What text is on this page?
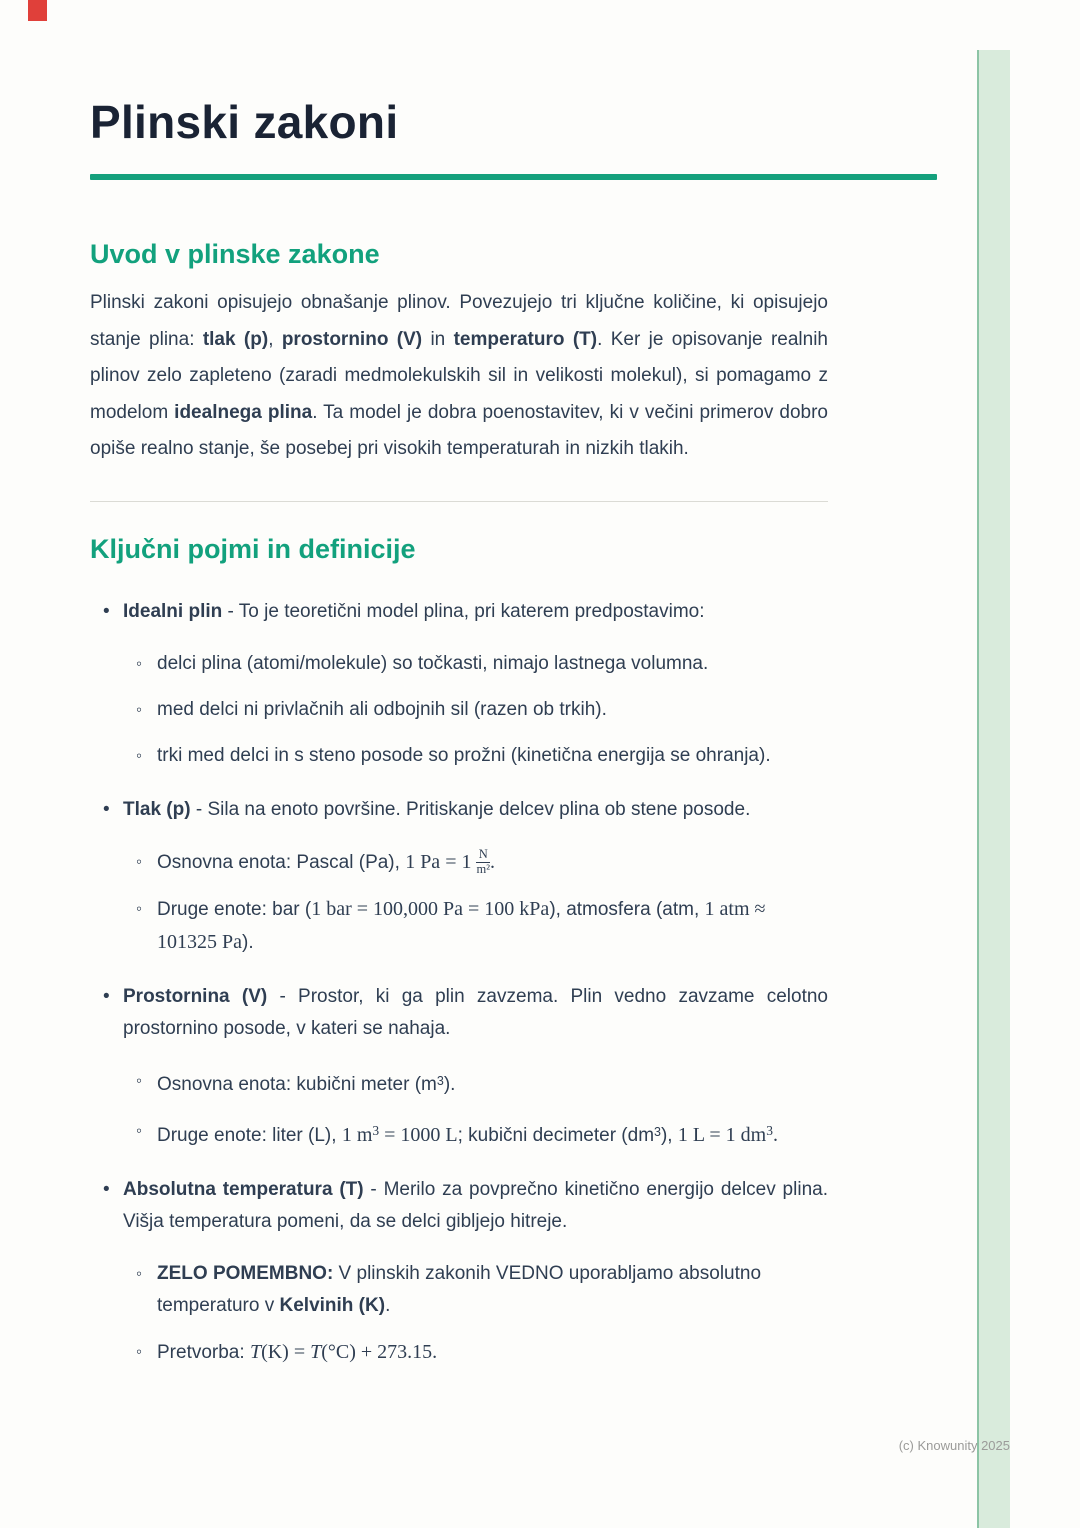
Plinski zakoni
Uvod v plinske zakone

Plinski zakoni opisujejo obnašanje plinov. Povezujejo tri ključne količine, ki opisujejo stanje plina: tlak (p), prostornino (V) in temperaturo (T). Ker je opisovanje realnih plinov zelo zapleteno (zaradi medmolekulskih sil in velikosti molekul), si pomagamo z modelom idealnega plina. Ta model je dobra poenostavitev, ki v večini primerov dobro opiše realno stanje, še posebej pri visokih temperaturah in nizkih tlakih.

Ključni pojmi in definicije
• Idealni plin - To je teoretični model plina, pri katerem predpostavimo:
◦ delci plina (atomi/molekule) so točkasti, nimajo lastnega volumna.
◦ med delci ni privlačnih ali odbojnih sil (razen ob trkih).
◦ trki med delci in s steno posode so prožni (kinetična energija se ohranja).
• Tlak (p) - Sila na enoto površine. Pritiskanje delcev plina ob stene posode.
◦ Osnovna enota: Pascal (Pa), 1 $Pa = 1 \frac{N}{\text{m²}}$ .
◦ Druge enote: bar (1 bar = 100,000 Pa = 100 kPa), atmosfera (atm, 1 atm ≈ 101325 Pa).
• Prostornina (V) - Prostor, ki ga plin zavzema. Plin vedno zavzame celotno prostornino posode, v kateri se nahaja.
◦ Osnovna enota: kubični meter $(m^3)$.
◦ Druge enote: liter (L), 1 $m^3 = 1000$ L; kubični decimeter $(dm^3)$, 1 L = 1 $dm^3$.
• Absolutna temperatura (T) - Merilo za povprečno kinetično energijo delcev plina. Višja temperatura pomeni, da se delci gibljejo hitreje.
◦ ZELO POMEMBNO: V plinskih zakonih VEDNO uporabljamo absolutno temperaturo v Kelvinih (K).
◦ Pretvorba: T(K) = T(°C) + 273.15.
(c) Knowunity 2025
